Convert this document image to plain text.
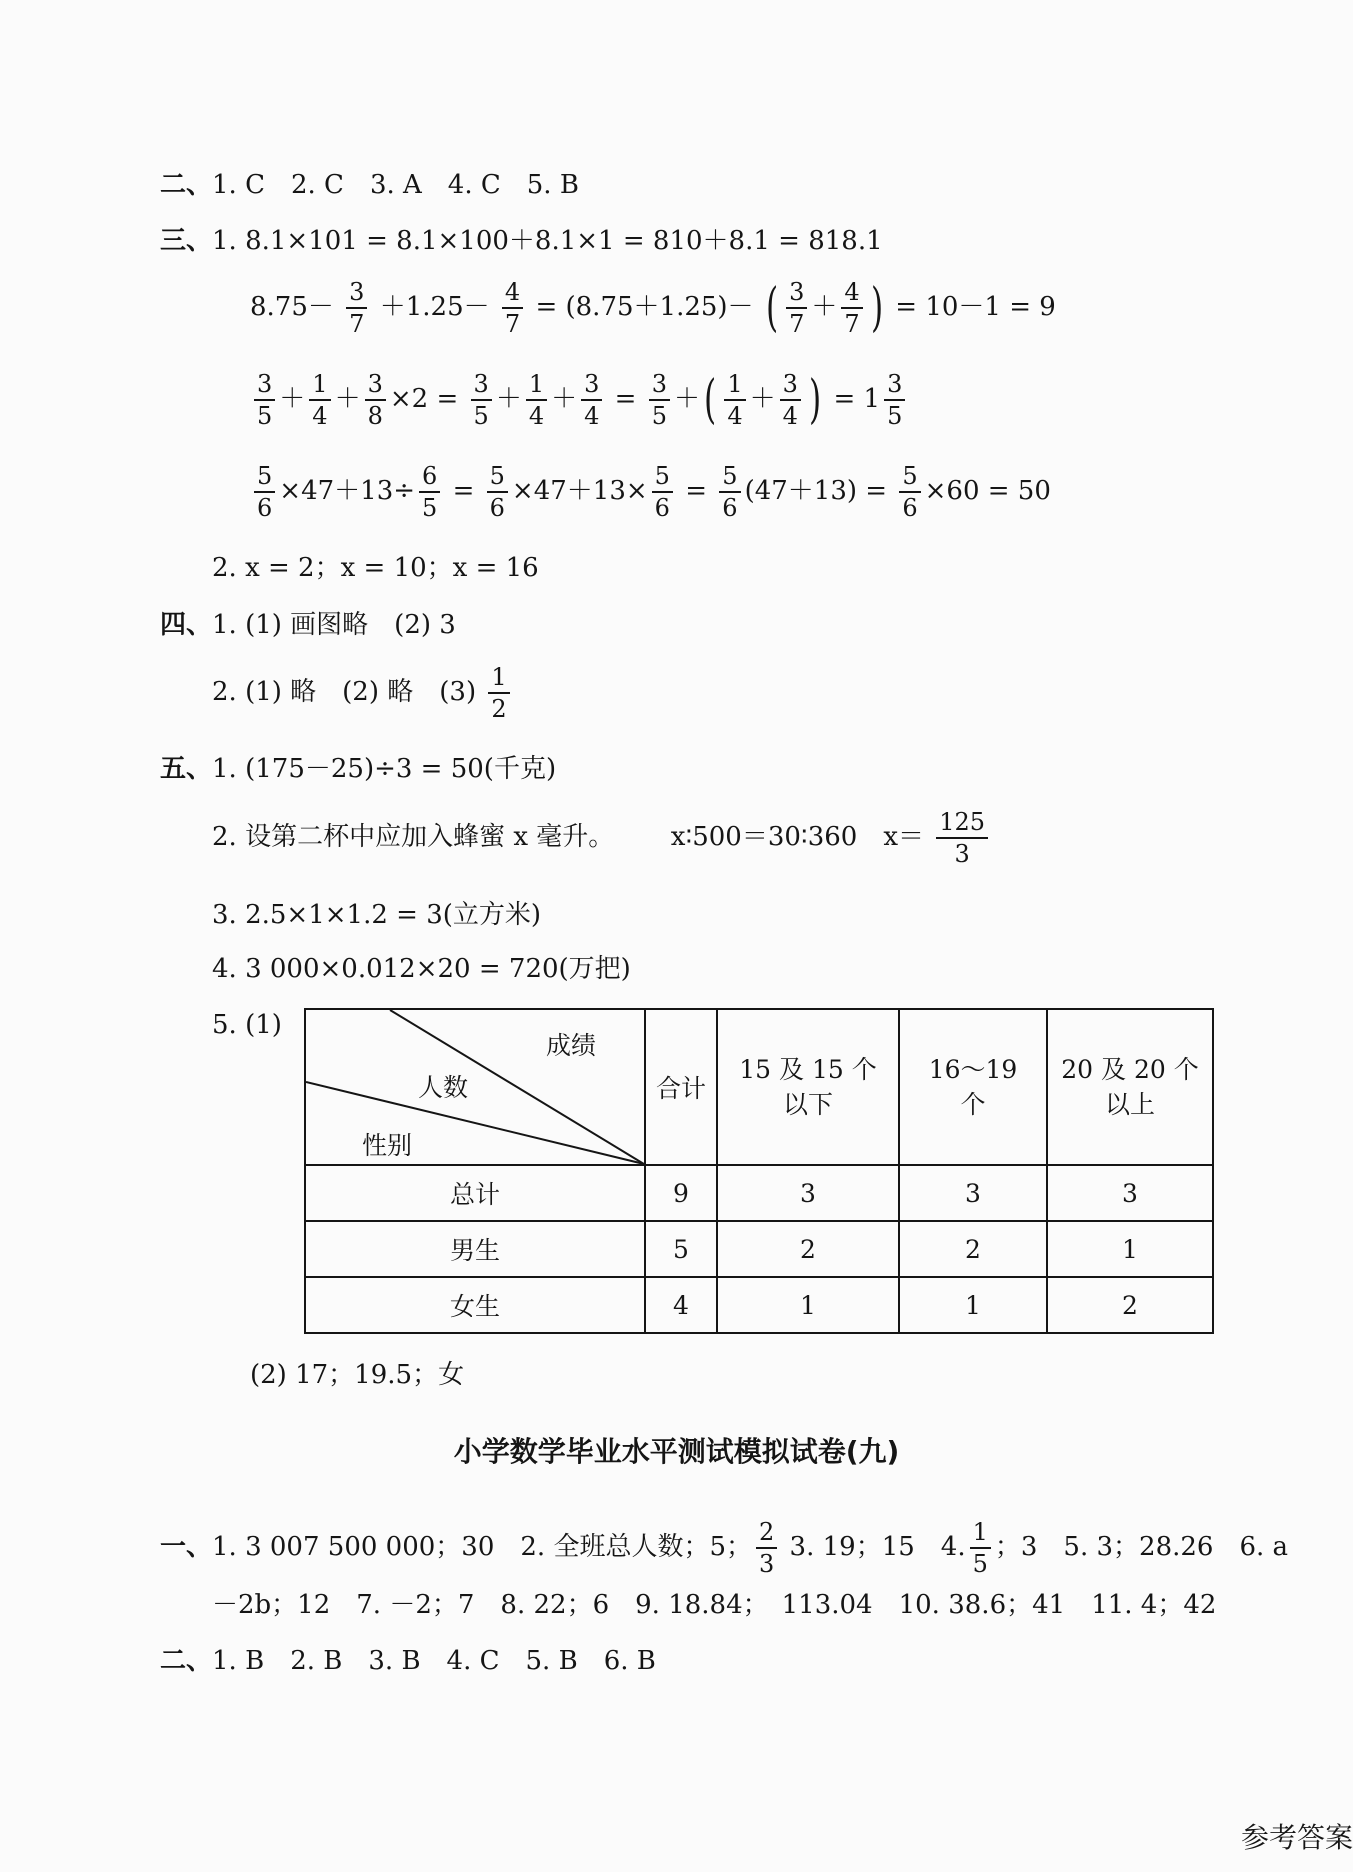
二、1. C　2. C　3. A　4. C　5. B
三、1. 8.1×101 = 8.1×100＋8.1×1 = 810＋8.1 = 818.1
$8.75- \frac{3}{7} +1.25- \frac{4}{7} = (8.75+1.25)-$ ( $\frac{3}{7} + \frac{4}{7}$ ) = 10－1 = 9
$\frac{3}{5} + \frac{1}{4} + \frac{3}{8} \times 2 = \frac{3}{5} + \frac{1}{4} + \frac{3}{4} = \frac{3}{5}$ ＋( $\frac{1}{4} + \frac{3}{4}$ ) = $1 \frac{3}{5}$
$\frac{5}{6} \times 47+13\div \frac{6}{5} = \frac{5}{6} \times 47+13\times \frac{5}{6} = \frac{5}{6} (47+13) = \frac{5}{6} \times 60 = 50$
2. x = 2；x = 10；x = 16
四、1. (1) 画图略　(2) 3
2. (1) 略　(2) 略　$(3) \frac{1}{2}$
五、1. (175－25)÷3 = 50(千克)
2. 设第二杯中应加入蜂蜜 x 毫升。 x∶500＝30∶360　$x= \frac{125}{3}$
3. 2.5×1×1.2 = 3(立方米)
4. 3 000×0.012×20 = 720(万把)
5. (1)
成绩
人数
性别	合计	15 及 15 个以下	16～19 个	20 及 20 个以上
总计	9	3	3	3
男生	5	2	2	1
女生	4	1	1	2
(2) 17；19.5；女
小学数学毕业水平测试模拟试卷(九)
一、1. 3 007 500 000；30　2. 全班总人数；5； $\frac{2}{3} 3$. 19；15　4. $\frac{1}{5}$ ；3　5. 3；28.26　6. a
－2b；12　7. －2；7　8. 22；6　9. 18.84；　113.04　10. 38.6；41　11. 4；42
二、1. B　2. B　3. B　4. C　5. B　6. B
参考答案
